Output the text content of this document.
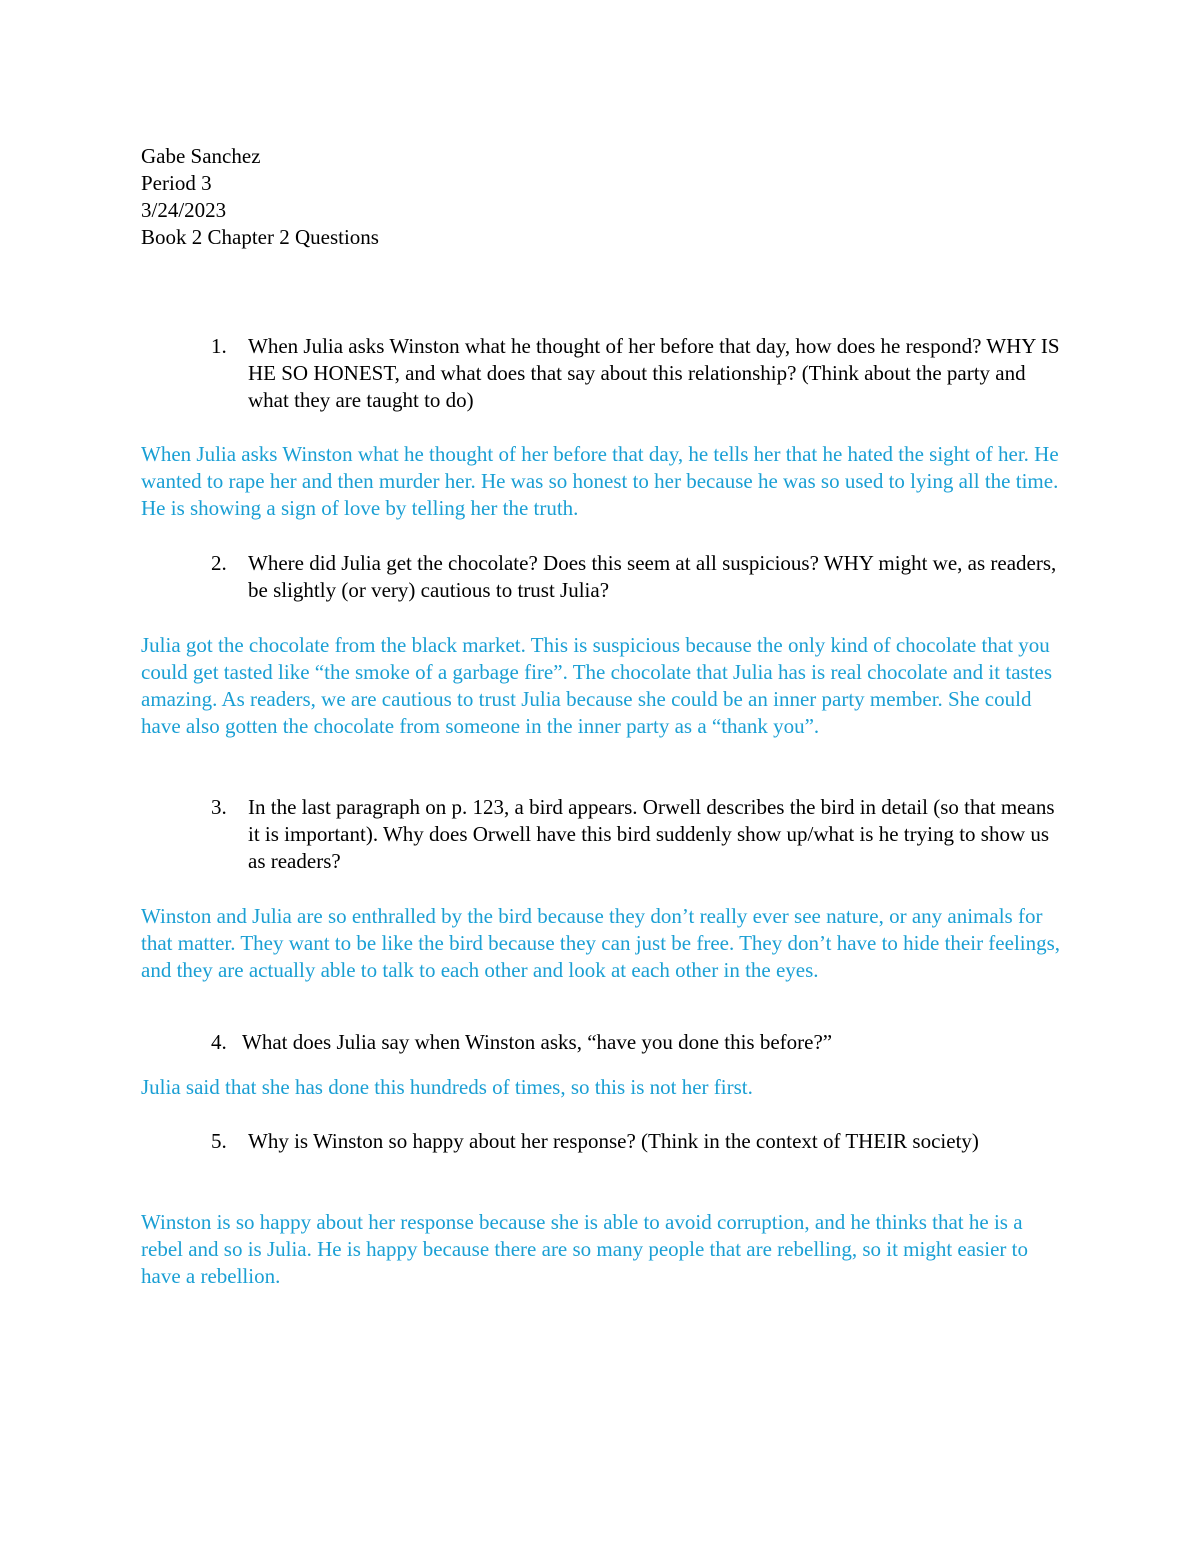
Gabe Sanchez
Period 3
3/24/2023
Book 2 Chapter 2 Questions
1.	When Julia asks Winston what he thought of her before that day, how does he respond? WHY IS HE SO HONEST, and what does that say about this relationship? (Think about the party and what they are taught to do)
When Julia asks Winston what he thought of her before that day, he tells her that he hated the sight of her. He wanted to rape her and then murder her. He was so honest to her because he was so used to lying all the time. He is showing a sign of love by telling her the truth.
2.	Where did Julia get the chocolate? Does this seem at all suspicious? WHY might we, as readers, be slightly (or very) cautious to trust Julia?
Julia got the chocolate from the black market. This is suspicious because the only kind of chocolate that you could get tasted like “the smoke of a garbage fire”. The chocolate that Julia has is real chocolate and it tastes amazing. As readers, we are cautious to trust Julia because she could be an inner party member. She could have also gotten the chocolate from someone in the inner party as a “thank you”.
3.	In the last paragraph on p. 123, a bird appears. Orwell describes the bird in detail (so that means it is important). Why does Orwell have this bird suddenly show up/what is he trying to show us as readers?
Winston and Julia are so enthralled by the bird because they don’t really ever see nature, or any animals for that matter. They want to be like the bird because they can just be free. They don’t have to hide their feelings, and they are actually able to talk to each other and look at each other in the eyes.
4. What does Julia say when Winston asks, “have you done this before?”
Julia said that she has done this hundreds of times, so this is not her first.
5.	Why is Winston so happy about her response? (Think in the context of THEIR society)
Winston is so happy about her response because she is able to avoid corruption, and he thinks that he is a rebel and so is Julia. He is happy because there are so many people that are rebelling, so it might easier to have a rebellion.
